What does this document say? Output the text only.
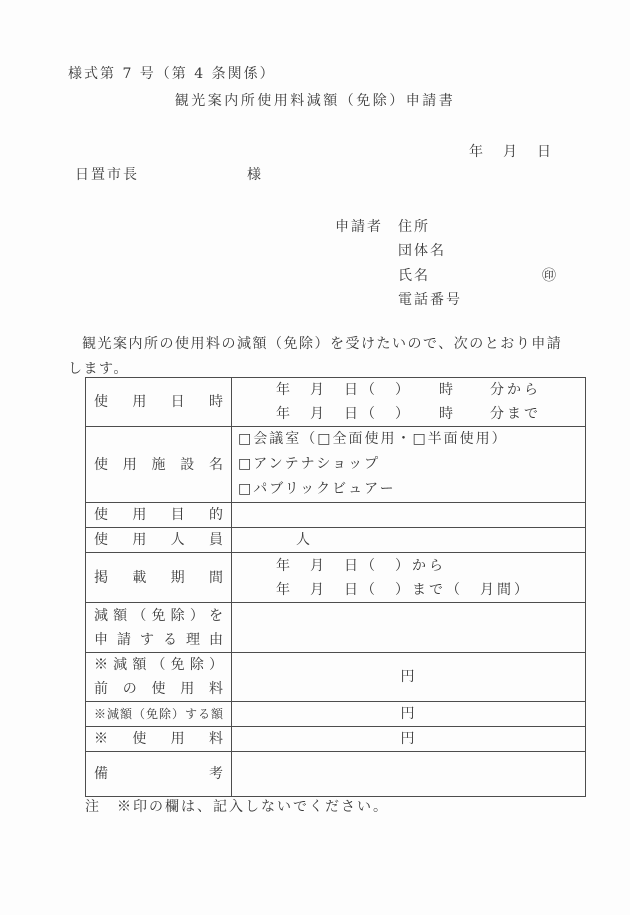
様式第 7 号（第 4 条関係）
観光案内所使用料減額（免除）申請書
年　月　日
日置市長	様
申請者	住所
団体名
氏名	㊞
電話番号
観光案内所の使用料の減額（免除）を受けたいので、次のとおり申請
します。
使用日時	年　月　日（　）　　時　　分から
年　月　日（　）　　時　　分まで

使用施設名	□会議室（□全面使用・□半面使用）
□アンテナショップ
□パブリックビュアー

使用目的	

使用人員	人

掲載期間	年　月　日（　）から
年　月　日（　）まで（　月間）

減額（免除）を
申請する理由	

※減額（免除）
前の使用料	円

※減額（免除）する額	円

※使用料	円

備考	

注　※印の欄は、記入しないでください。
